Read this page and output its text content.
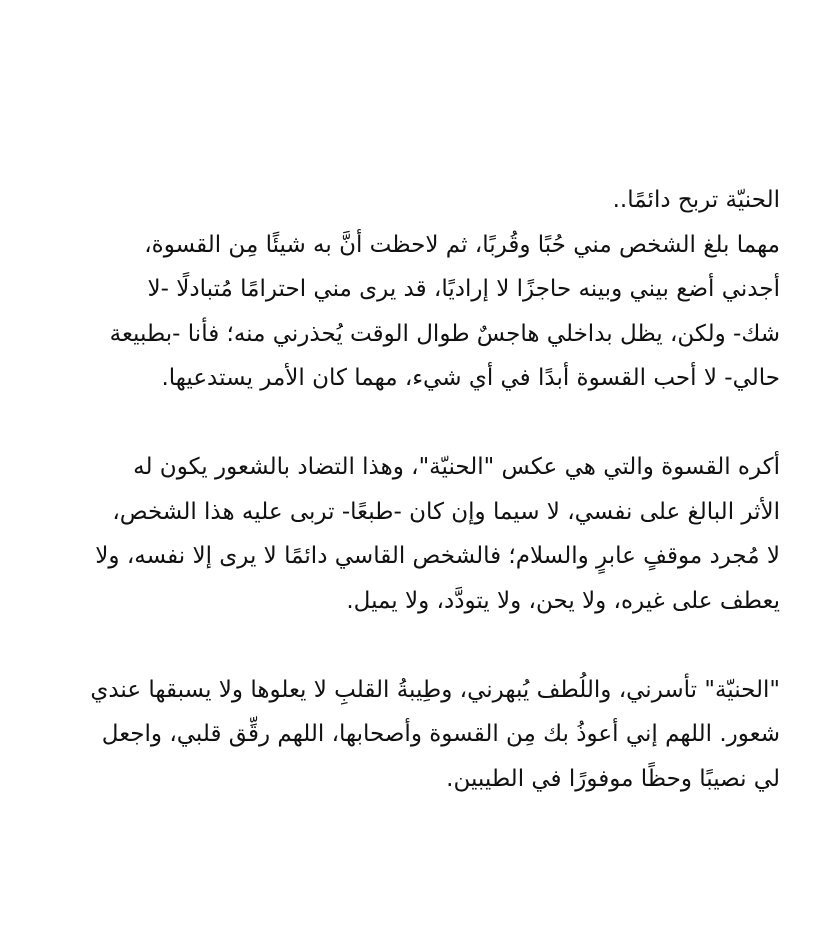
الحنيّة تربح دائمًا..
مهما بلغ الشخص مني حُبًا وقُربًا، ثم لاحظت أنَّ به شيئًا مِن القسوة،
أجدني أضع بيني وبينه حاجزًا لا إراديًا، قد يرى مني احترامًا مُتبادلًا -لا
شك- ولكن، يظل بداخلي هاجسٌ طوال الوقت يُحذرني منه؛ فأنا -بطبيعة
حالي- لا أحب القسوة أبدًا في أي شيء، مهما كان الأمر يستدعيها.

أكره القسوة والتي هي عكس "الحنيّة"، وهذا التضاد بالشعور يكون له
الأثر البالغ على نفسي، لا سيما وإن كان -طبعًا- تربى عليه هذا الشخص،
لا مُجرد موقفٍ عابرٍ والسلام؛ فالشخص القاسي دائمًا لا يرى إلا نفسه، ولا
يعطف على غيره، ولا يحن، ولا يتودَّد، ولا يميل.

"الحنيّة" تأسرني، واللُطف يُبهرني، وطِيبةُ القلبِ لا يعلوها ولا يسبقها عندي
شعور. اللهم إني أعوذُ بك مِن القسوة وأصحابها، اللهم رقِّق قلبي، واجعل
لي نصيبًا وحظًا موفورًا في الطيبين.
